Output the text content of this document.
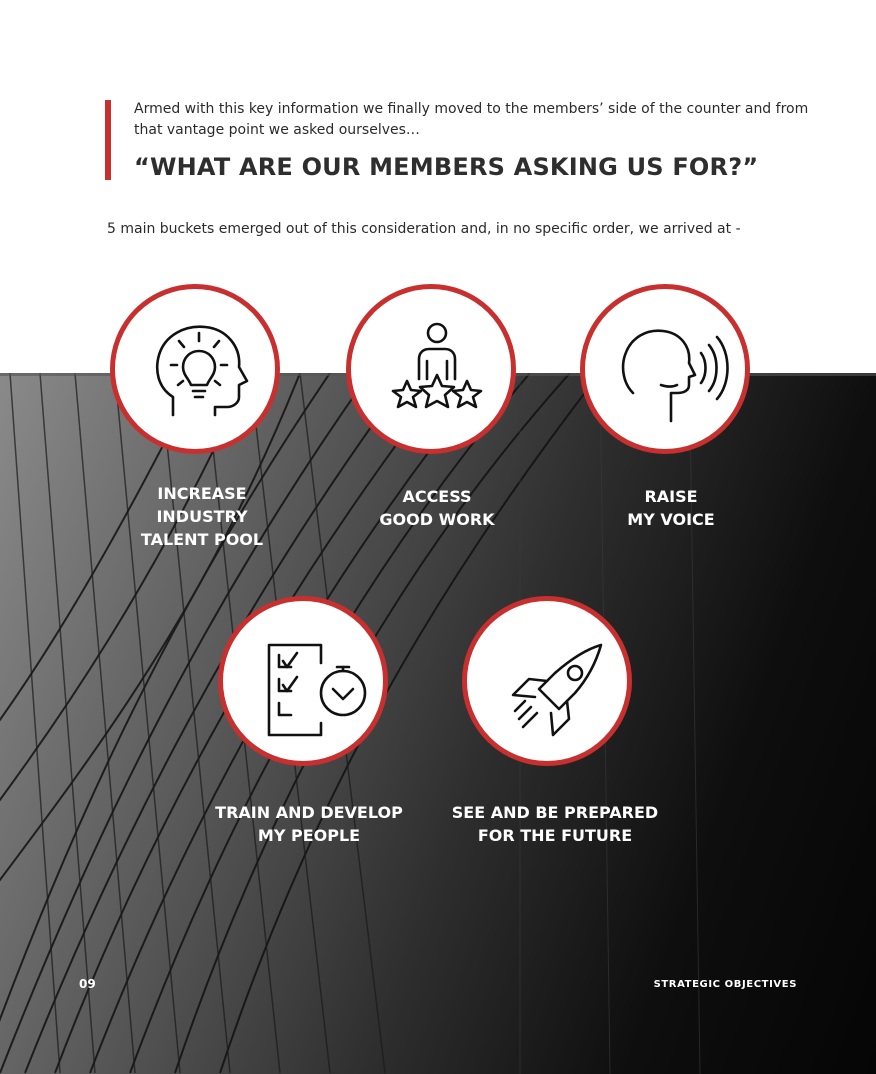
Armed with this key information we finally moved to the members’ side of the counter and from that vantage point we asked ourselves…
“WHAT ARE OUR MEMBERS ASKING US FOR?”
5 main buckets emerged out of this consideration and, in no specific order, we arrived at -
INCREASE
INDUSTRY
TALENT POOL
ACCESS
GOOD WORK
RAISE
MY VOICE
TRAIN AND DEVELOP
MY PEOPLE
SEE AND BE PREPARED
FOR THE FUTURE
09	STRATEGIC OBJECTIVES
